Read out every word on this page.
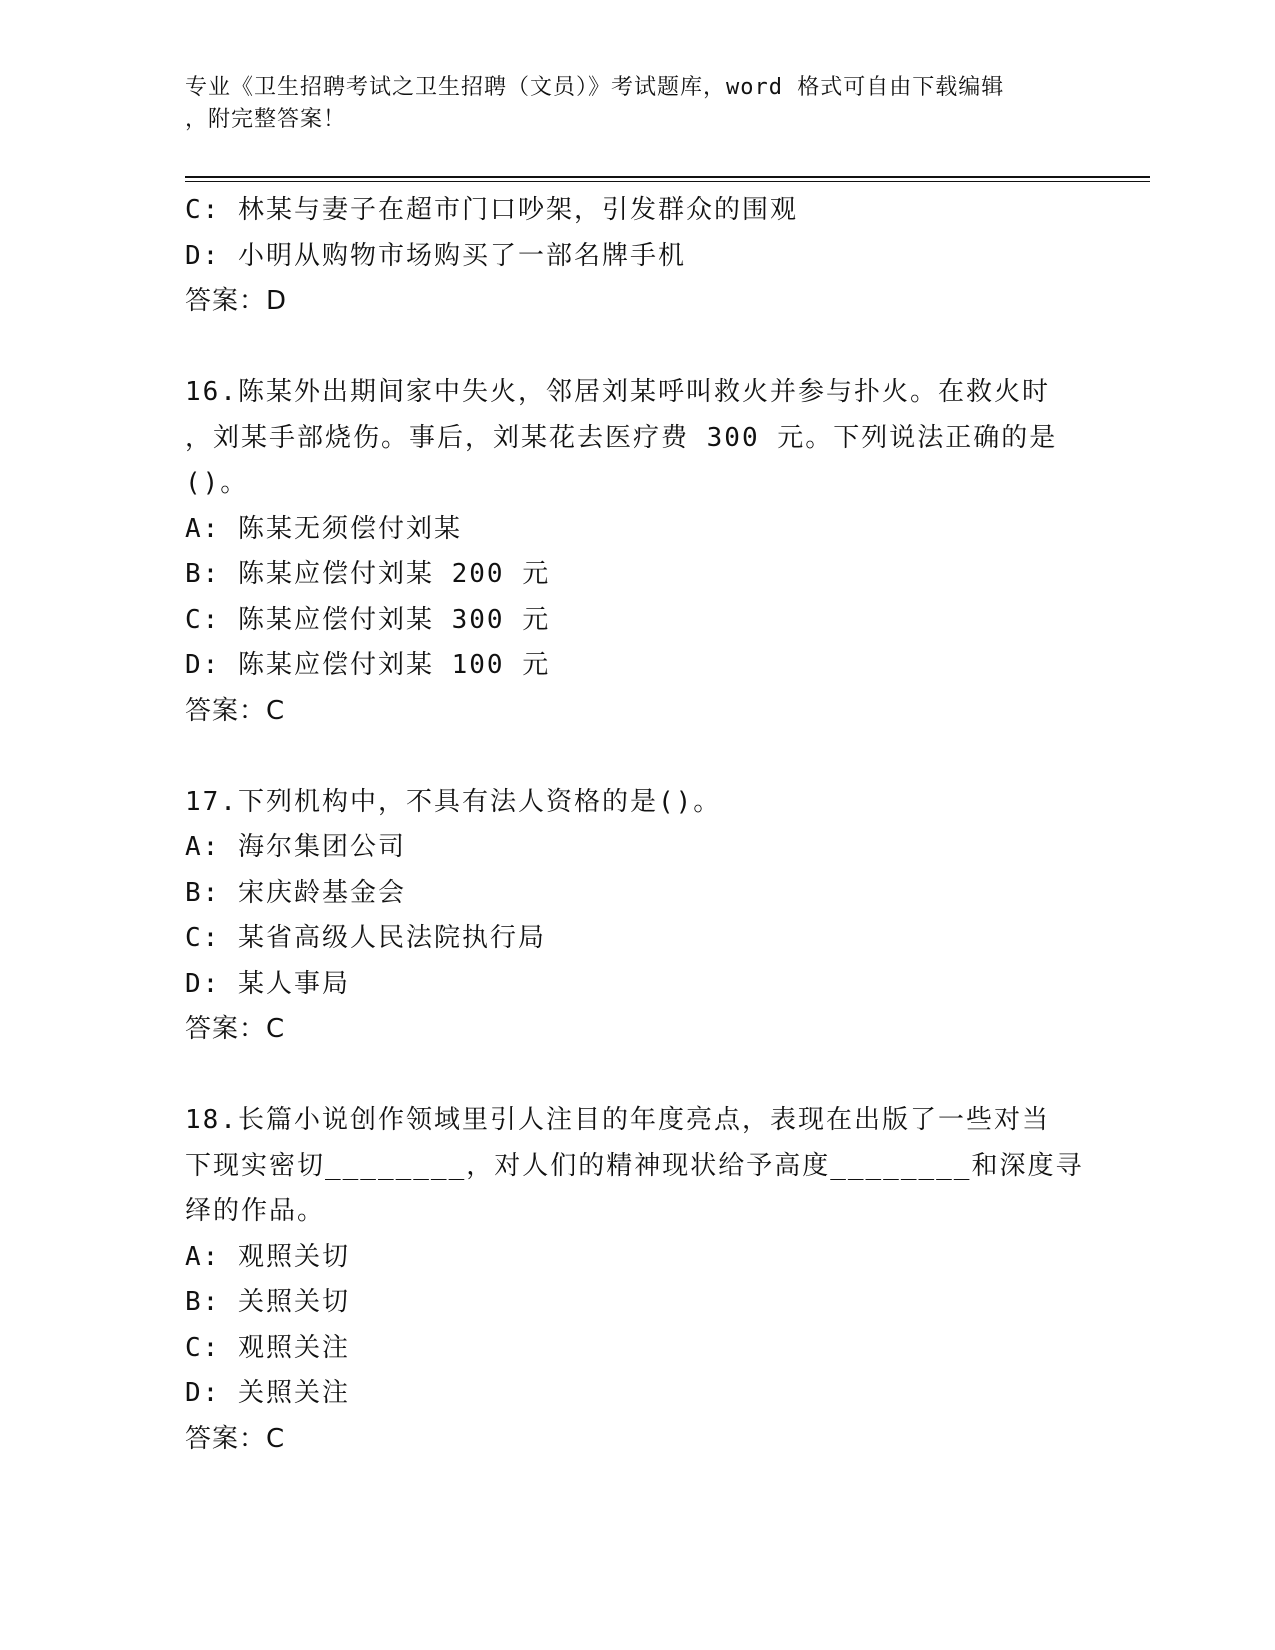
专业《卫生招聘考试之卫生招聘（文员）》考试题库，word 格式可自由下载编辑
，附完整答案！
C: 林某与妻子在超市门口吵架，引发群众的围观
D: 小明从购物市场购买了一部名牌手机
答案：D
16.陈某外出期间家中失火，邻居刘某呼叫救火并参与扑火。在救火时
，刘某手部烧伤。事后，刘某花去医疗费 300 元。下列说法正确的是
()。
A: 陈某无须偿付刘某
B: 陈某应偿付刘某 200 元
C: 陈某应偿付刘某 300 元
D: 陈某应偿付刘某 100 元
答案：C
17.下列机构中，不具有法人资格的是()。
A: 海尔集团公司
B: 宋庆龄基金会
C: 某省高级人民法院执行局
D: 某人事局
答案：C
18.长篇小说创作领域里引人注目的年度亮点，表现在出版了一些对当
下现实密切________，对人们的精神现状给予高度________和深度寻
绎的作品。
A: 观照关切
B: 关照关切
C: 观照关注
D: 关照关注
答案：C
